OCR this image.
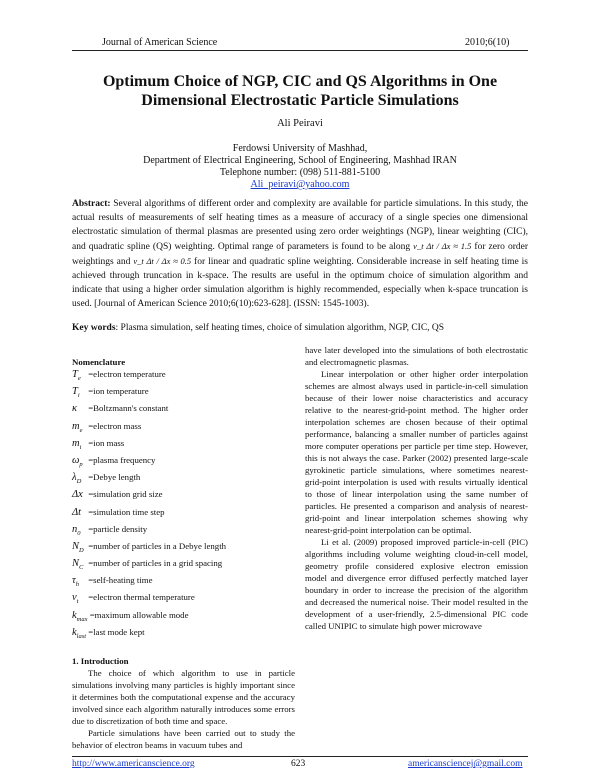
Journal of American Science	2010;6(10)
Optimum Choice of NGP, CIC and QS Algorithms in One Dimensional Electrostatic Particle Simulations
Ali Peiravi
Ferdowsi University of Mashhad,
Department of Electrical Engineering, School of Engineering, Mashhad IRAN
Telephone number: (098) 511-881-5100
Ali_peiravi@yahoo.com
Abstract: Several algorithms of different order and complexity are available for particle simulations. In this study, the actual results of measurements of self heating times as a measure of accuracy of a single species one dimensional electrostatic simulation of thermal plasmas are presented using zero order weightings (NGP), linear weighting (CIC), and quadratic spline (QS) weighting. Optimal range of parameters is found to be along v_t Δt / Δx ≈ 1.5 for zero order weightings and v_t Δt / Δx ≈ 0.5 for linear and quadratic spline weighting. Considerable increase in self heating time is achieved through truncation in k-space. The results are useful in the optimum choice of simulation algorithm and indicate that using a higher order simulation algorithm is highly recommended, especially when k-space truncation is used. [Journal of American Science 2010;6(10):623-628]. (ISSN: 1545-1003).
Key words: Plasma simulation, self heating times, choice of simulation algorithm, NGP, CIC, QS
Nomenclature
$T_e$ =electron temperature
$T_i =ion$ temperature
κ =Boltzmann's constant
$m_e$ =electron mass
$m_i =ion$ mass
$\omega_p$ =plasma frequency
$\lambda_D$ =Debye length
Δx =simulation grid size
Δt =simulation time step
$n_0$ =particle density
$N_D$ =number of particles in a Debye length
$N_C$ =number of particles in a grid spacing
$\tau_h$ =self-heating time
$v_t$ =electron thermal temperature
$k_{max}$ =maximum allowable mode
$k_{last}$ =last mode kept
1. Introduction

The choice of which algorithm to use in particle simulations involving many particles is highly important since it determines both the computational expense and the accuracy involved since each algorithm naturally introduces some errors due to discretization of both time and space.

Particle simulations have been carried out to study the behavior of electron beams in vacuum tubes and

have later developed into the simulations of both electrostatic and electromagnetic plasmas.

Linear interpolation or other higher order interpolation schemes are almost always used in particle-in-cell simulation because of their lower noise characteristics and accuracy relative to the nearest-grid-point method. The higher order interpolation schemes are chosen because of their optimal performance, balancing a smaller number of particles against more computer operations per particle per time step. However, this is not always the case. Parker (2002) presented large-scale gyrokinetic particle simulations, where sometimes nearest-grid-point interpolation is used with results virtually identical to those of linear interpolation using the same number of particles. He presented a comparison and analysis of nearest-grid-point and linear interpolation schemes showing why nearest-grid-point interpolation can be optimal.

Li et al. (2009) proposed improved particle-in-cell (PIC) algorithms including volume weighting cloud-in-cell model, geometry profile considered explosive electron emission model and divergence error diffused perfectly matched layer boundary in order to increase the precision of the algorithm and decreased the numerical noise. Their model resulted in the development of a user-friendly, 2.5-dimensional PIC code called UNIPIC to simulate high power microwave

http://www.americanscience.org	623	americansciencej@gmail.com
